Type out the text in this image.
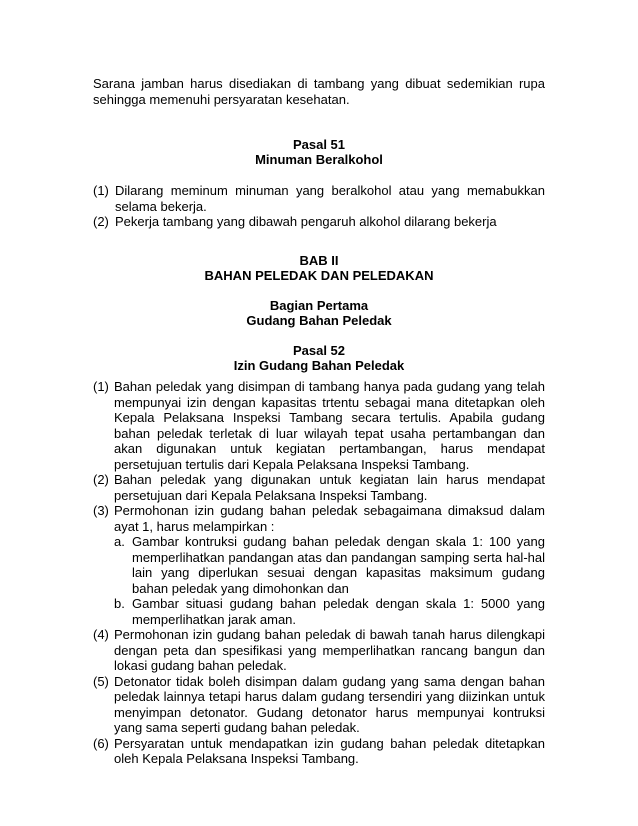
Sarana jamban harus disediakan di tambang yang dibuat sedemikian rupa sehingga memenuhi persyaratan kesehatan.
Pasal 51
Minuman Beralkohol
(1) Dilarang meminum minuman yang beralkohol atau yang memabukkan selama bekerja.
(2) Pekerja tambang yang dibawah pengaruh alkohol dilarang bekerja
BAB II
BAHAN PELEDAK DAN PELEDAKAN
Bagian Pertama
Gudang Bahan Peledak
Pasal 52
Izin Gudang Bahan Peledak
(1) Bahan peledak yang disimpan di tambang hanya pada gudang yang telah mempunyai izin dengan kapasitas trtentu sebagai mana ditetapkan oleh Kepala Pelaksana Inspeksi Tambang secara tertulis. Apabila gudang bahan peledak terletak di luar wilayah tepat usaha pertambangan dan akan digunakan untuk kegiatan pertambangan, harus mendapat persetujuan tertulis dari Kepala Pelaksana Inspeksi Tambang.
(2) Bahan peledak yang digunakan untuk kegiatan lain harus mendapat persetujuan dari Kepala Pelaksana Inspeksi Tambang.
(3) Permohonan izin gudang bahan peledak sebagaimana dimaksud dalam ayat 1, harus melampirkan :
a. Gambar kontruksi gudang bahan peledak dengan skala 1: 100 yang memperlihatkan pandangan atas dan pandangan samping serta hal-hal lain yang diperlukan sesuai dengan kapasitas maksimum gudang bahan peledak yang dimohonkan dan
b. Gambar situasi gudang bahan peledak dengan skala 1: 5000 yang memperlihatkan jarak aman.
(4) Permohonan izin gudang bahan peledak di bawah tanah harus dilengkapi dengan peta dan spesifikasi yang memperlihatkan rancang bangun dan lokasi gudang bahan peledak.
(5) Detonator tidak boleh disimpan dalam gudang yang sama dengan bahan peledak lainnya tetapi harus dalam gudang tersendiri yang diizinkan untuk menyimpan detonator. Gudang detonator harus mempunyai kontruksi yang sama seperti gudang bahan peledak.
(6) Persyaratan untuk mendapatkan izin gudang bahan peledak ditetapkan oleh Kepala Pelaksana Inspeksi Tambang.
